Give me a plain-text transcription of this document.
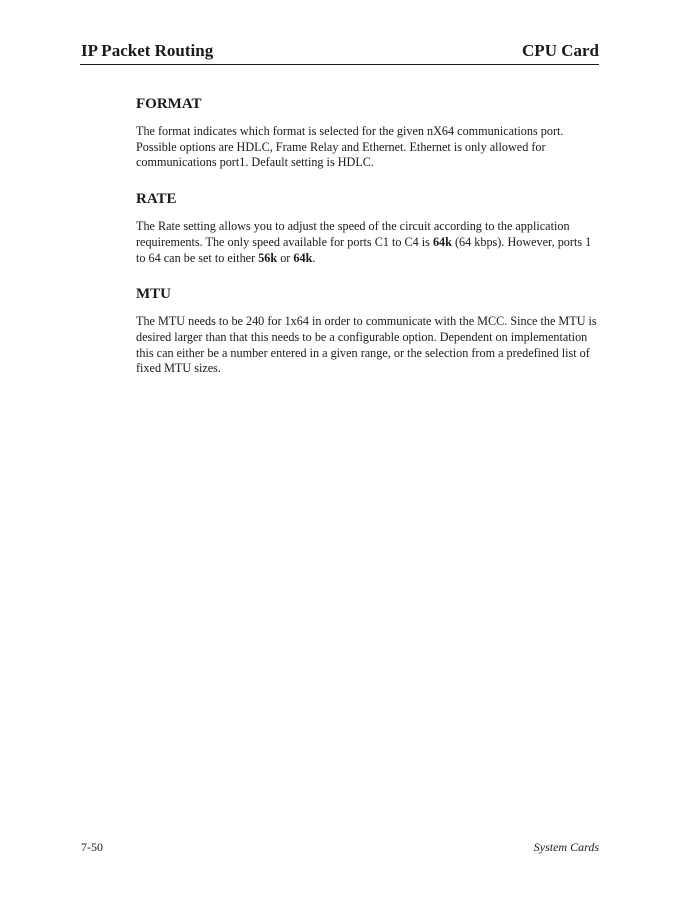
IP Packet Routing	CPU Card
FORMAT
The format indicates which format is selected for the given nX64 communications port. Possible options are HDLC, Frame Relay and Ethernet. Ethernet is only allowed for communications port1. Default setting is HDLC.
RATE
The Rate setting allows you to adjust the speed of the circuit according to the application requirements. The only speed available for ports C1 to C4 is 64k (64 kbps). However, ports 1 to 64 can be set to either 56k or 64k.
MTU
The MTU needs to be 240 for 1x64 in order to communicate with the MCC. Since the MTU is desired larger than that this needs to be a configurable option. Dependent on implementation this can either be a number entered in a given range, or the selection from a predefined list of fixed MTU sizes.
7-50	System Cards
